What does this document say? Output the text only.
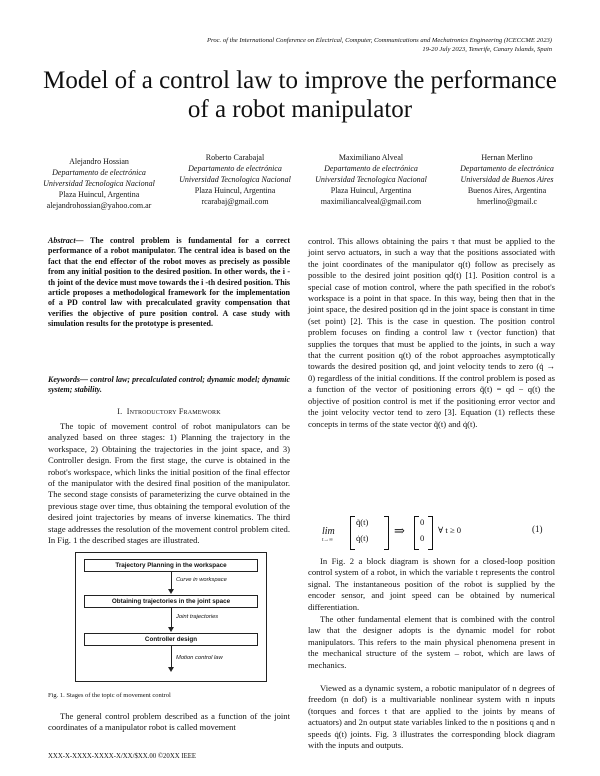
Proc. of the International Conference on Electrical, Computer, Communications and Mechatronics Engineering (ICECCME 2023)
19-20 July 2023, Tenerife, Canary Islands, Spain
Model of a control law to improve the performance of a robot manipulator
Alejandro Hossian
Departamento de electrónica
Universidad Tecnologica Nacional
Plaza Huincul, Argentina
alejandrohossian@yahoo.com.ar
Roberto Carabajal
Departamento de electrónica
Universidad Tecnologica Nacional
Plaza Huincul, Argentina
rcarabaj@gmail.com
Maximiliano Alveal
Departamento de electrónica
Universidad Tecnologica Nacional
Plaza Huincul, Argentina
maximiliancalveal@gmail.com
Hernan Merlino
Departamento de electrónica
Universidad de Buenos Aires
Buenos Aires, Argentina
hmerlino@gmail.c
Abstract— The control problem is fundamental for a correct performance of a robot manipulator. The central idea is based on the fact that the end effector of the robot moves as precisely as possible from any initial position to the desired position. In other words, the i -th joint of the device must move towards the i -th desired position. This article proposes a methodological framework for the implementation of a PD control law with precalculated gravity compensation that verifies the objective of pure position control. A case study with simulation results for the prototype is presented.
Keywords— control law; precalculated control; dynamic model; dynamic system; stability.
I. Introductory Framework
The topic of movement control of robot manipulators can be analyzed based on three stages: 1) Planning the trajectory in the workspace, 2) Obtaining the trajectories in the joint space, and 3) Controller design. From the first stage, the curve is obtained in the robot's workspace, which links the initial position of the final effector of the manipulator with the desired final position of the manipulator. The second stage consists of parameterizing the curve obtained in the previous stage over time, thus obtaining the temporal evolution of the desired joint trajectories by means of inverse kinematics. The third stage addresses the resolution of the movement control problem cited. In Fig. 1 the described stages are illustrated.
Trajectory Planning in the workspace
Curve in workspace
Obtaining trajectories in the joint space
Joint trajectories
Controller design
Motion control law
Fig. 1. Stages of the topic of movement control
The general control problem described as a function of the joint coordinates of a manipulator robot is called movement
control. This allows obtaining the pairs τ that must be applied to the joint servo actuators, in such a way that the positions associated with the joint coordinates of the manipulator q(t) follow as precisely as possible to the desired joint position qd(t) [1]. Position control is a special case of motion control, where the path specified in the robot's workspace is a point in that space. In this way, being then that in the joint space, the desired position qd in the joint space is constant in time (set point) [2]. This is the case in question. The position control problem focuses on finding a control law τ (vector function) that supplies the torques that must be applied to the joints, in such a way that the current position q(t) of the robot approaches asymptotically towards the desired position qd, and joint velocity tends to zero (q̇ → 0) regardless of the initial conditions. If the control problem is posed as a function of the vector of positioning errors q̃(t) = qd − q(t) the objective of position control is met if the positioning error vector and the joint velocity vector tend to zero [3]. Equation (1) reflects these concepts in terms of the state vector q̃(t) and q̇(t).
lim
t→∞
q̃(t)
q̇(t) ⇒
0
0
∀ t ≥ 0	(1)
In Fig. 2 a block diagram is shown for a closed-loop position control system of a robot, in which the variable t represents the control signal. The instantaneous position of the robot is supplied by the encoder sensor, and joint speed can be obtained by numerical differentiation.
The other fundamental element that is combined with the control law that the designer adopts is the dynamic model for robot manipulators. This refers to the main physical phenomena present in the mechanical structure of the system – robot, which are laws of mechanics.
Viewed as a dynamic system, a robotic manipulator of n degrees of freedom (n dof) is a multivariable nonlinear system with n inputs (torques and forces t that are applied to the joints by means of actuators) and 2n output state variables linked to the n positions q and n speeds q̇(t) joints. Fig. 3 illustrates the corresponding block diagram with the inputs and outputs.
XXX-X-XXXX-XXXX-X/XX/$XX.00 ©20XX IEEE
